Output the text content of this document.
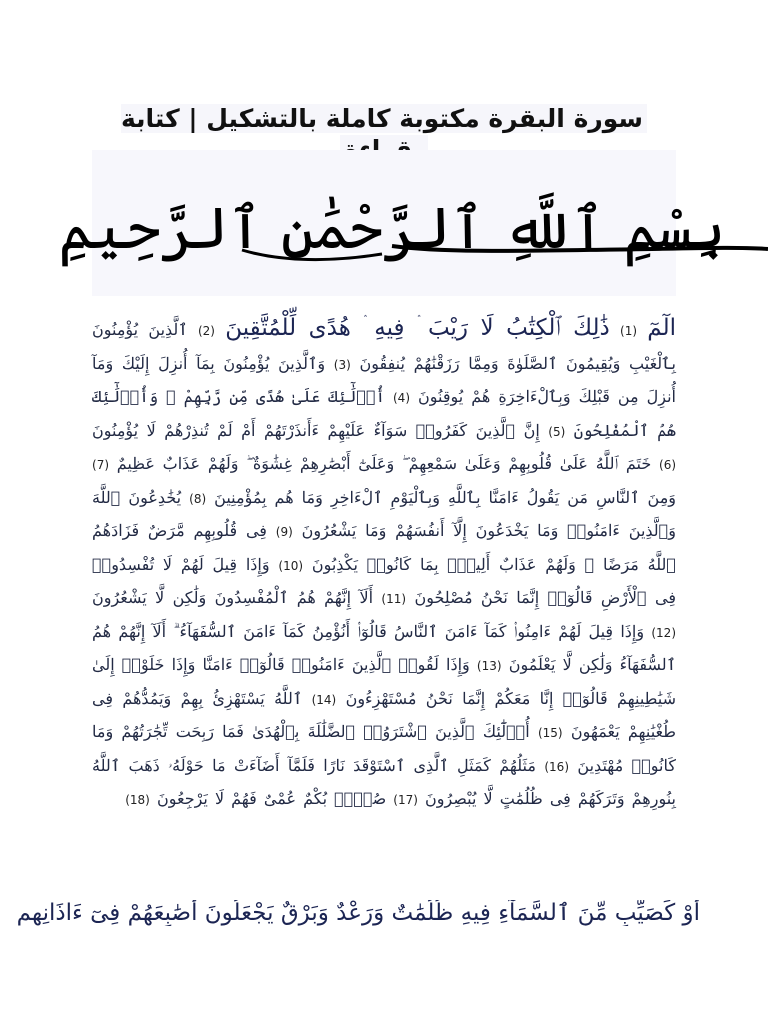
سورة البقرة مكتوبة كاملة بالتشكيل | كتابة
بِسْمِ ٱللَّهِ ٱلرَّحْمَٰنِ ٱلرَّحِيمِ
الٓمٓ (1) ذَٰلِكَ ٱلْكِتَٰبُ لَا رَيْبَ ۛ فِيهِ ۛ هُدًى لِّلْمُتَّقِينَ (2) ٱلَّذِينَ يُؤْمِنُونَ بِٱلْغَيْبِ وَيُقِيمُونَ ٱلصَّلَوٰةَ وَمِمَّا رَزَقْنَٰهُمْ يُنفِقُونَ (3) وَٱلَّذِينَ يُؤْمِنُونَ بِمَآ أُنزِلَ إِلَيْكَ وَمَآ أُنزِلَ مِن قَبْلِكَ وَبِٱلْءَاخِرَةِ هُمْ يُوقِنُونَ (4) أُو۟لَٰٓئِكَ عَلَىٰ هُدًى مِّن رَّبِّهِمْ ۖ وَأُو۟لَٰٓئِكَ هُمُ ٱلْمُفْلِحُونَ (5) إِنَّ ٱلَّذِينَ كَفَرُوا۟ سَوَآءٌ عَلَيْهِمْ ءَأَنذَرْتَهُمْ أَمْ لَمْ تُنذِرْهُمْ لَا يُؤْمِنُونَ (6) خَتَمَ ٱللَّهُ عَلَىٰ قُلُوبِهِمْ وَعَلَىٰ سَمْعِهِمْ ۖ وَعَلَىٰٓ أَبْصَٰرِهِمْ غِشَٰوَةٌ ۖ وَلَهُمْ عَذَابٌ عَظِيمٌ (7) وَمِنَ ٱلنَّاسِ مَن يَقُولُ ءَامَنَّا بِٱللَّهِ وَبِٱلْيَوْمِ ٱلْءَاخِرِ وَمَا هُم بِمُؤْمِنِينَ (8) يُخَٰدِعُونَ ٱللَّهَ وَٱلَّذِينَ ءَامَنُوا۟ وَمَا يَخْدَعُونَ إِلَّآ أَنفُسَهُمْ وَمَا يَشْعُرُونَ (9) فِى قُلُوبِهِم مَّرَضٌ فَزَادَهُمُ ٱللَّهُ مَرَضًا ۖ وَلَهُمْ عَذَابٌ أَلِيمٌۢ بِمَا كَانُوا۟ يَكْذِبُونَ (10) وَإِذَا قِيلَ لَهُمْ لَا تُفْسِدُوا۟ فِى ٱلْأَرْضِ قَالُوٓا۟ إِنَّمَا نَحْنُ مُصْلِحُونَ (11) أَلَآ إِنَّهُمْ هُمُ ٱلْمُفْسِدُونَ وَلَٰكِن لَّا يَشْعُرُونَ (12) وَإِذَا قِيلَ لَهُمْ ءَامِنُوا۟ كَمَآ ءَامَنَ ٱلنَّاسُ قَالُوٓا۟ أَنُؤْمِنُ كَمَآ ءَامَنَ ٱلسُّفَهَآءُ ۗ أَلَآ إِنَّهُمْ هُمُ ٱلسُّفَهَآءُ وَلَٰكِن لَّا يَعْلَمُونَ (13) وَإِذَا لَقُوا۟ ٱلَّذِينَ ءَامَنُوا۟ قَالُوٓا۟ ءَامَنَّا وَإِذَا خَلَوْا۟ إِلَىٰ شَيَٰطِينِهِمْ قَالُوٓا۟ إِنَّا مَعَكُمْ إِنَّمَا نَحْنُ مُسْتَهْزِءُونَ (14) ٱللَّهُ يَسْتَهْزِئُ بِهِمْ وَيَمُدُّهُمْ فِى طُغْيَٰنِهِمْ يَعْمَهُونَ (15) أُو۟لَٰٓئِكَ ٱلَّذِينَ ٱشْتَرَوُا۟ ٱلضَّلَٰلَةَ بِٱلْهُدَىٰ فَمَا رَبِحَت تِّجَٰرَتُهُمْ وَمَا كَانُوا۟ مُهْتَدِينَ (16) مَثَلُهُمْ كَمَثَلِ ٱلَّذِى ٱسْتَوْقَدَ نَارًا فَلَمَّآ أَضَآءَتْ مَا حَوْلَهُۥ ذَهَبَ ٱللَّهُ بِنُورِهِمْ وَتَرَكَهُمْ فِى ظُلُمَٰتٍ لَّا يُبْصِرُونَ (17) صُمٌّۢ بُكْمٌ عُمْىٌ فَهُمْ لَا يَرْجِعُونَ (18)
أَوْ كَصَيِّبٍ مِّنَ ٱلسَّمَآءِ فِيهِ ظُلُمَٰتٌ وَرَعْدٌ وَبَرْقٌ يَجْعَلُونَ أَصَٰبِعَهُمْ فِىٓ ءَاذَانِهِم
